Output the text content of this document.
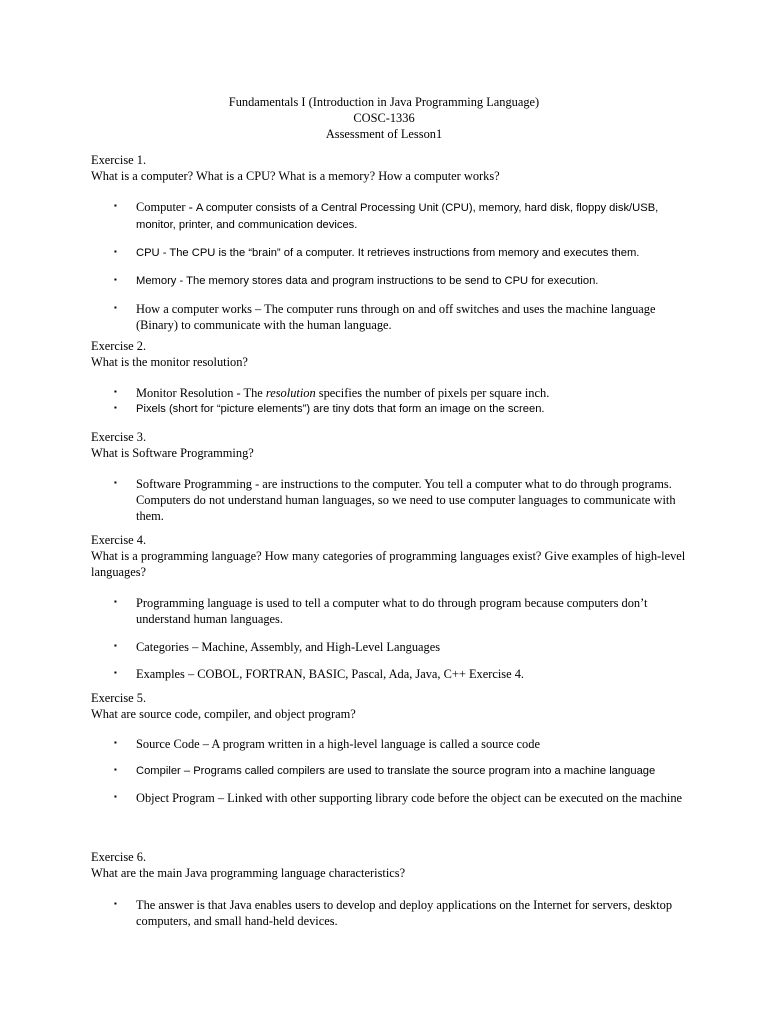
Fundamentals I (Introduction in Java Programming Language)
COSC-1336
Assessment of Lesson1
Exercise 1.
What is a computer? What is a CPU? What is a memory? How a computer works?
▪ Computer - A computer consists of a Central Processing Unit (CPU), memory, hard disk, floppy disk/USB, monitor, printer, and communication devices.
▪ CPU - The CPU is the “brain” of a computer. It retrieves instructions from memory and executes them.
▪ Memory - The memory stores data and program instructions to be send to CPU for execution.
▪ How a computer works – The computer runs through on and off switches and uses the machine language (Binary) to communicate with the human language.
Exercise 2.
What is the monitor resolution?
▪ Monitor Resolution - The resolution specifies the number of pixels per square inch.
▪ Pixels (short for “picture elements”) are tiny dots that form an image on the screen.
Exercise 3.
What is Software Programming?
▪ Software Programming - are instructions to the computer. You tell a computer what to do through programs. Computers do not understand human languages, so we need to use computer languages to communicate with them.
Exercise 4.
What is a programming language? How many categories of programming languages exist? Give examples of high-level languages?
▪ Programming language is used to tell a computer what to do through program because computers don’t understand human languages.
▪ Categories – Machine, Assembly, and High-Level Languages
▪ Examples – COBOL, FORTRAN, BASIC, Pascal, Ada, Java, C++ Exercise 4.
Exercise 5.
What are source code, compiler, and object program?
▪ Source Code – A program written in a high-level language is called a source code
▪ Compiler – Programs called compilers are used to translate the source program into a machine language
▪ Object Program – Linked with other supporting library code before the object can be executed on the machine
Exercise 6.
What are the main Java programming language characteristics?
▪ The answer is that Java enables users to develop and deploy applications on the Internet for servers, desktop computers, and small hand-held devices.
